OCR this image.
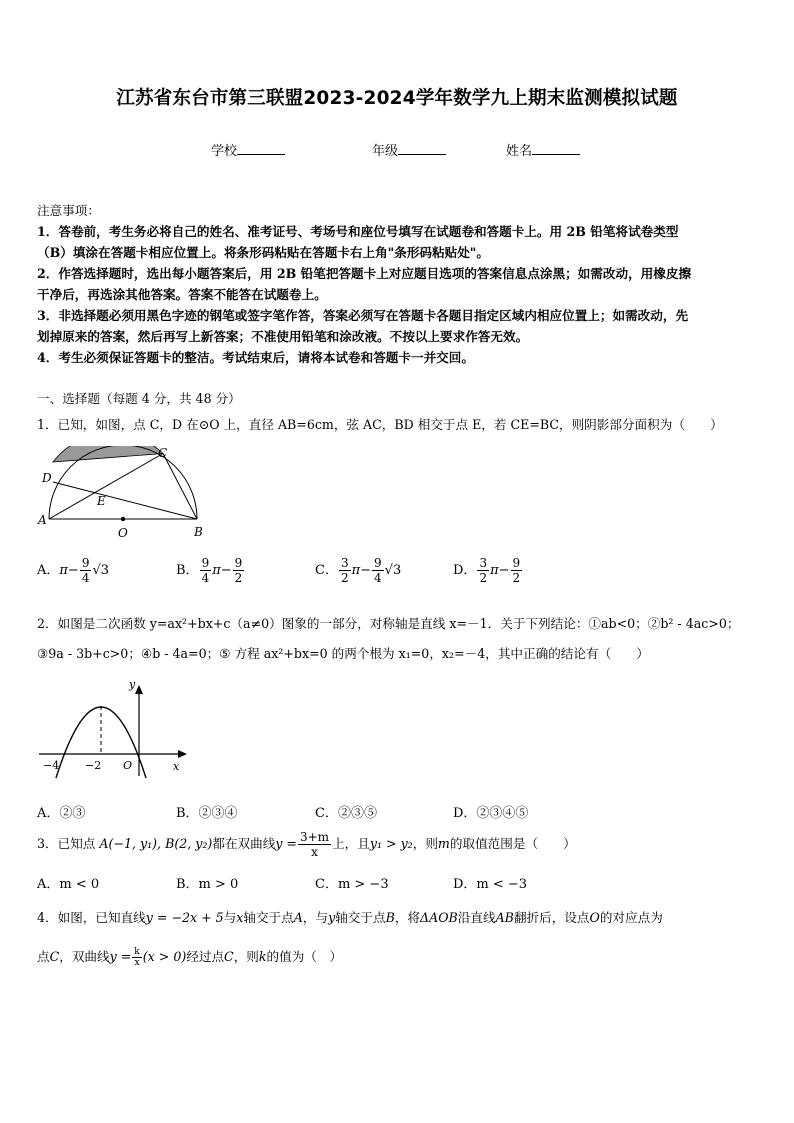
江苏省东台市第三联盟2023-2024学年数学九上期末监测模拟试题
学校	年级	姓名
注意事项：
1．答卷前，考生务必将自己的姓名、准考证号、考场号和座位号填写在试题卷和答题卡上。用 2B 铅笔将试卷类型
（B）填涂在答题卡相应位置上。将条形码粘贴在答题卡右上角"条形码粘贴处"。
2．作答选择题时，选出每小题答案后，用 2B 铅笔把答题卡上对应题目选项的答案信息点涂黑；如需改动，用橡皮擦
干净后，再选涂其他答案。答案不能答在试题卷上。
3．非选择题必须用黑色字迹的钢笔或签字笔作答，答案必须写在答题卡各题目指定区域内相应位置上；如需改动，先
划掉原来的答案，然后再写上新答案；不准使用铅笔和涂改液。不按以上要求作答无效。
4．考生必须保证答题卡的整洁。考试结束后，请将本试卷和答题卡一并交回。
一、选择题（每题 4 分，共 48 分）
1．已知，如图，点 C，D 在⊙O 上，直径 AB=6cm，弦 AC，BD 相交于点 E，若 CE=BC，则阴影部分面积为（　　）
A
B
C
D
E
O
A．$\pi- \frac{9}{4} √3$	B． $\frac{9}{4} \pi- \frac{9}{2}$	C． $\frac{3}{2} \pi- \frac{9}{4} √3$	D． $\frac{3}{2} \pi- \frac{9}{2}$
2．如图是二次函数 y=ax²+bx+c（a≠0）图象的一部分，对称轴是直线 x=－1．关于下列结论：①ab<0；②b² - 4ac>0；
③9a - 3b+c>0；④b - 4a=0；⑤ 方程 ax²+bx=0 的两个根为 x₁=0，x₂=－4，其中正确的结论有（　　）
y
x
O
−4 −2
A．②③	B．②③④	C．②③⑤	D．②③④⑤
3．已知点 A(−1, y₁), B(2, y₂)都在双曲线$y = \frac{3+m}{x}$ 上，且y₁ > y₂，则m的取值范围是（　　）
A．m < 0	B．m > 0	C．m > −3	D．m < −3
4．如图，已知直线y = −2x + 5与x轴交于点A，与y轴交于点B，将ΔAOB沿直线AB翻折后，设点O的对应点为
点C，双曲线$y = \frac{k}{x} (x > 0)$经过点C，则k的值为（　）
